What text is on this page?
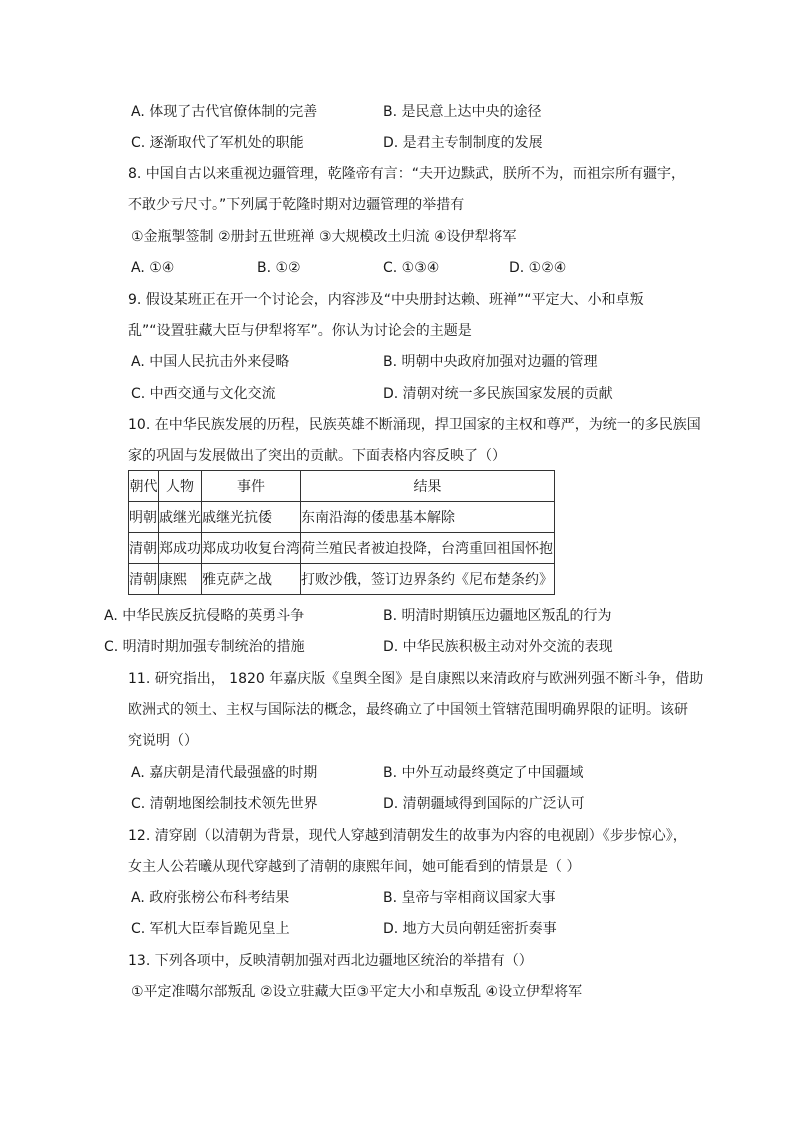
A. 体现了古代官僚体制的完善	B. 是民意上达中央的途径
C. 逐渐取代了军机处的职能	D. 是君主专制制度的发展
8. 中国自古以来重视边疆管理，乾隆帝有言：“夫开边黩武，朕所不为，而祖宗所有疆宇，
不敢少亏尺寸。”下列属于乾隆时期对边疆管理的举措有
①金瓶掣签制 ②册封五世班禅 ③大规模改土归流 ④设伊犁将军
A. ①④	B. ①②	C. ①③④	D. ①②④
9. 假设某班正在开一个讨论会，内容涉及“中央册封达赖、班禅”“平定大、小和卓叛
乱”“设置驻藏大臣与伊犁将军”。你认为讨论会的主题是
A. 中国人民抗击外来侵略	B. 明朝中央政府加强对边疆的管理
C. 中西交通与文化交流	D. 清朝对统一多民族国家发展的贡献
10. 在中华民族发展的历程，民族英雄不断涌现，捍卫国家的主权和尊严，为统一的多民族国
家的巩固与发展做出了突出的贡献。下面表格内容反映了（）
朝代	人物	事件	结果
明朝	戚继光	戚继光抗倭	东南沿海的倭患基本解除
清朝	郑成功	郑成功收复台湾	荷兰殖民者被迫投降，台湾重回祖国怀抱
清朝	康熙	雅克萨之战	打败沙俄，签订边界条约《尼布楚条约》
A. 中华民族反抗侵略的英勇斗争	B. 明清时期镇压边疆地区叛乱的行为
C. 明清时期加强专制统治的措施	D. 中华民族积极主动对外交流的表现
11. 研究指出， 1820 年嘉庆版《皇舆全图》是自康熙以来清政府与欧洲列强不断斗争，借助
欧洲式的领土、主权与国际法的概念，最终确立了中国领土管辖范围明确界限的证明。该研
究说明（）
A. 嘉庆朝是清代最强盛的时期	B. 中外互动最终奠定了中国疆域
C. 清朝地图绘制技术领先世界	D. 清朝疆域得到国际的广泛认可
12. 清穿剧（以清朝为背景，现代人穿越到清朝发生的故事为内容的电视剧）《步步惊心》，
女主人公若曦从现代穿越到了清朝的康熙年间，她可能看到的情景是（ ）
A. 政府张榜公布科考结果	B. 皇帝与宰相商议国家大事
C. 军机大臣奉旨跪见皇上	D. 地方大员向朝廷密折奏事
13. 下列各项中，反映清朝加强对西北边疆地区统治的举措有（）
①平定准噶尔部叛乱 ②设立驻藏大臣③平定大小和卓叛乱 ④设立伊犁将军
